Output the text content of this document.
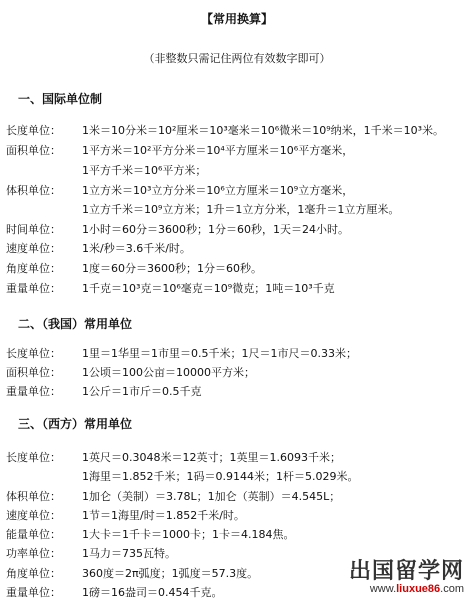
【常用换算】
（非整数只需记住两位有效数字即可）
一、国际单位制
长度单位： 1米＝10分米＝10²厘米＝10³毫米＝10⁶微米＝10⁹纳米，1千米＝10³米。
面积单位： 1平方米＝10²平方分米＝10⁴平方厘米＝10⁶平方毫米，
1平方千米＝10⁶平方米；
体积单位： 1立方米＝10³立方分米＝10⁶立方厘米＝10⁹立方毫米，
1立方千米＝10⁹立方米；1升＝1立方分米，1毫升＝1立方厘米。
时间单位： 1小时＝60分＝3600秒；1分＝60秒，1天＝24小时。
速度单位： 1米/秒＝3.6千米/时。
角度单位： 1度＝60分＝3600秒；1分＝60秒。
重量单位： 1千克＝10³克＝10⁶毫克＝10⁹微克；1吨＝10³千克
二、（我国）常用单位
长度单位： 1里＝1华里＝1市里＝0.5千米；1尺＝1市尺＝0.33米；
面积单位： 1公顷＝100公亩＝10000平方米；
重量单位： 1公斤＝1市斤＝0.5千克
三、（西方）常用单位
长度单位： 1英尺＝0.3048米＝12英寸；1英里＝1.6093千米；
1海里＝1.852千米；1码＝0.9144米；1杆＝5.029米。
体积单位： 1加仑（美制）＝3.78L；1加仑（英制）＝4.545L；
速度单位： 1节＝1海里/时＝1.852千米/时。
能量单位： 1大卡＝1千卡＝1000卡；1卡＝4.184焦。
功率单位： 1马力＝735瓦特。
角度单位： 360度＝2π弧度；1弧度＝57.3度。
重量单位： 1磅＝16盎司＝0.454千克。
出国留学网
www.liuxue86.com
